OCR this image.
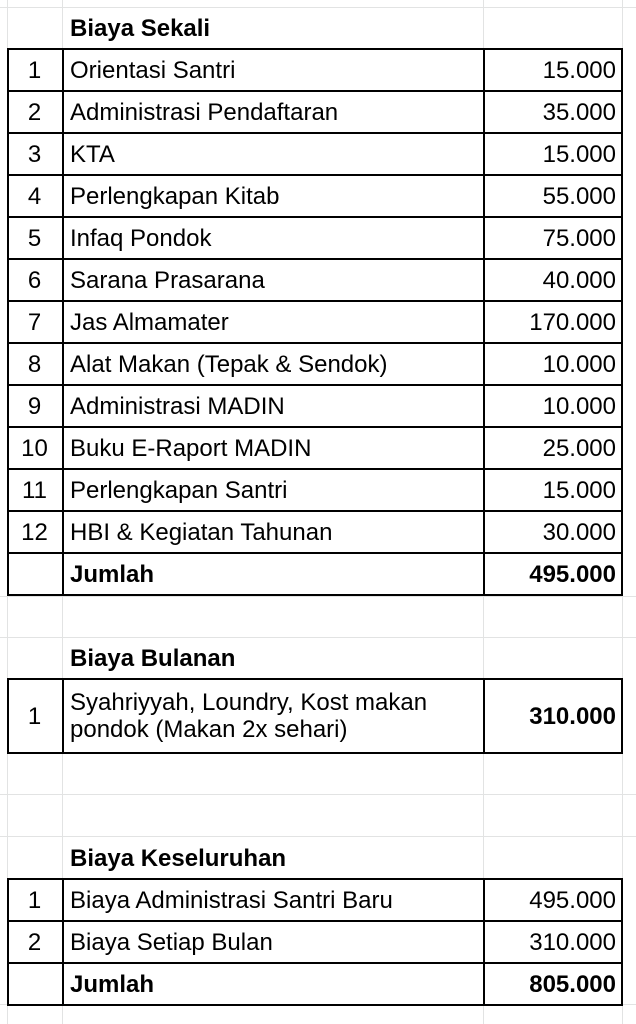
Biaya Sekali
1	Orientasi Santri	15.000
2	Administrasi Pendaftaran	35.000
3	KTA	15.000
4	Perlengkapan Kitab	55.000
5	Infaq Pondok	75.000
6	Sarana Prasarana	40.000
7	Jas Almamater	170.000
8	Alat Makan (Tepak & Sendok)	10.000
9	Administrasi MADIN	10.000
10 Buku E-Raport MADIN	25.000
11 Perlengkapan Santri	15.000
12 HBI & Kegiatan Tahunan	30.000
Jumlah	495.000
Biaya Bulanan
1	Syahriyyah, Loundry, Kost makan pondok (Makan 2x sehari)	310.000
Biaya Keseluruhan
1	Biaya Administrasi Santri Baru	495.000
2	Biaya Setiap Bulan	310.000
Jumlah	805.000
